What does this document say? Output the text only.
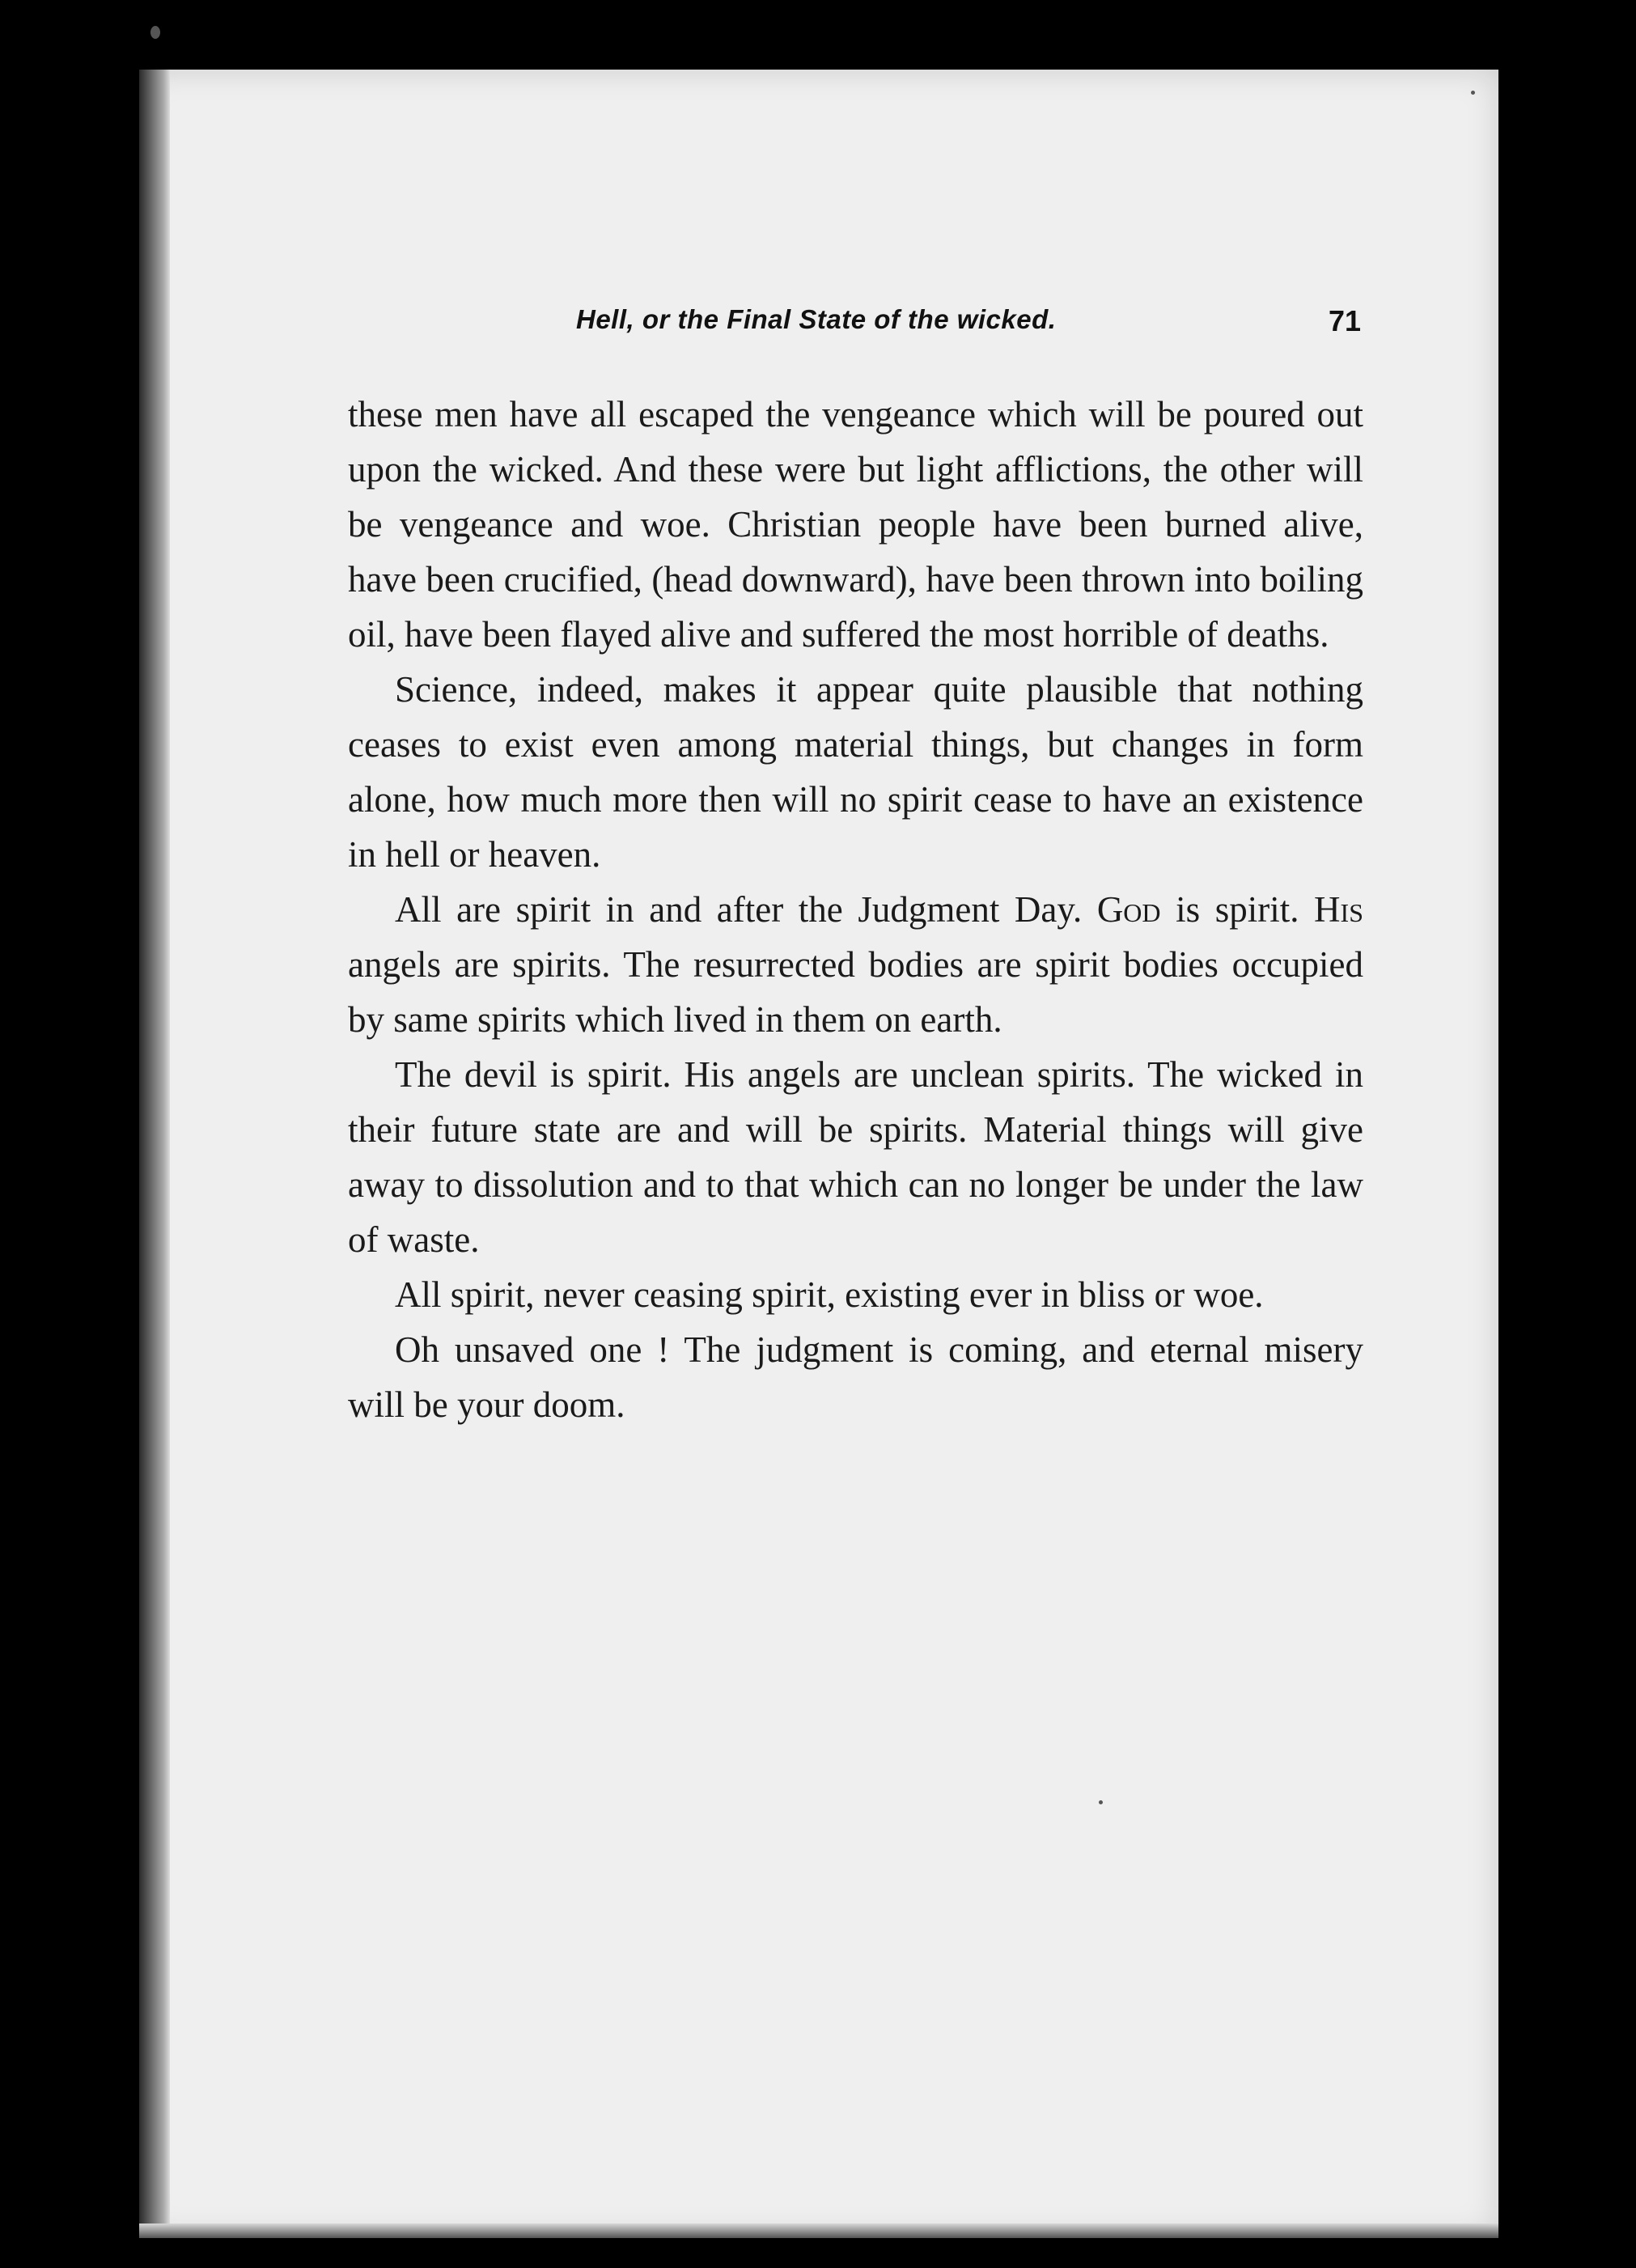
Hell, or the Final State of the wicked.	71

these men have all escaped the vengeance which will be poured out upon the wicked. And these were but light afflictions, the other will be vengeance and woe. Christian people have been burned alive, have been crucified, (head downward), have been thrown into boiling oil, have been flayed alive and suffered the most horrible of deaths.

Science, indeed, makes it appear quite plausible that nothing ceases to exist even among material things, but changes in form alone, how much more then will no spirit cease to have an existence in hell or heaven.

All are spirit in and after the Judgment Day. God is spirit. His angels are spirits. The resurrected bodies are spirit bodies occupied by same spirits which lived in them on earth.

The devil is spirit. His angels are unclean spirits. The wicked in their future state are and will be spirits. Material things will give away to dissolution and to that which can no longer be under the law of waste.

All spirit, never ceasing spirit, existing ever in bliss or woe.

Oh unsaved one ! The judgment is coming, and eternal misery will be your doom.
